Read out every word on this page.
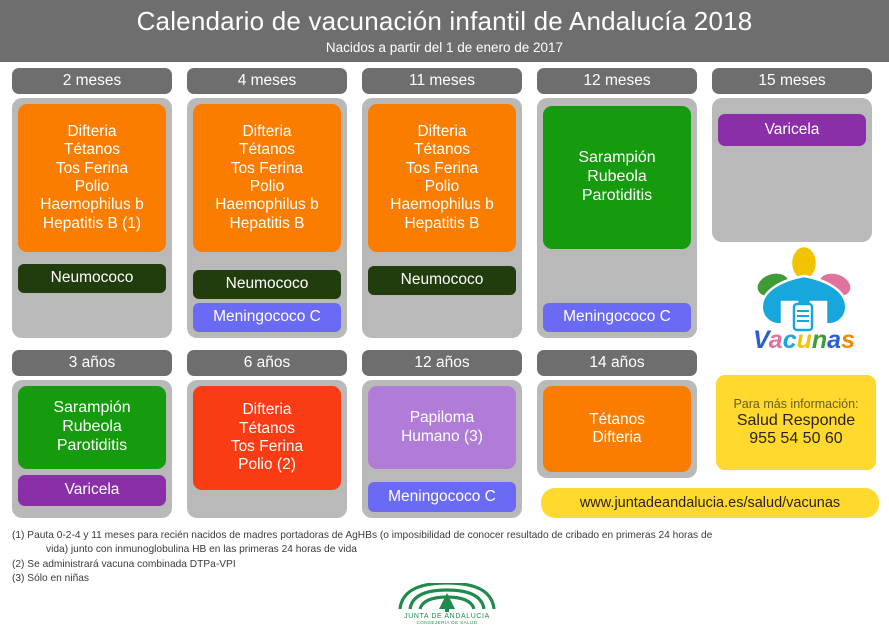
Calendario de vacunación infantil de Andalucía 2018
Nacidos a partir del 1 de enero de 2017
2 meses	4 meses	11 meses	12 meses	15 meses
Difteria
Tétanos
Tos Ferina
Polio
Haemophilus b
Hepatitis B (1)
Neumococo
Difteria
Tétanos
Tos Ferina
Polio
Haemophilus b
Hepatitis B
Neumococo
Meningococo C
Difteria
Tétanos
Tos Ferina
Polio
Haemophilus b
Hepatitis B
Neumococo
Sarampión
Rubeola
Parotiditis
Meningococo C
Varicela
Vacunas
3 años	6 años	12 años	14 años
Sarampión
Rubeola
Parotiditis
Varicela
Difteria
Tétanos
Tos Ferina
Polio (2)
Papiloma
Humano (3)
Meningococo C
Tétanos
Difteria
Para más información:
Salud Responde
955 54 50 60
www.juntadeandalucia.es/salud/vacunas
(1) Pauta 0-2-4 y 11 meses para recién nacidos de madres portadoras de AgHBs (o imposibilidad de conocer resultado de cribado en primeras 24 horas de
vida) junto con inmunoglobulina HB en las primeras 24 horas de vida
(2) Se administrará vacuna combinada DTPa-VPI
(3) Sólo en niñas
JUNTA DE ANDALUCIA
CONSEJERÍA DE SALUD
